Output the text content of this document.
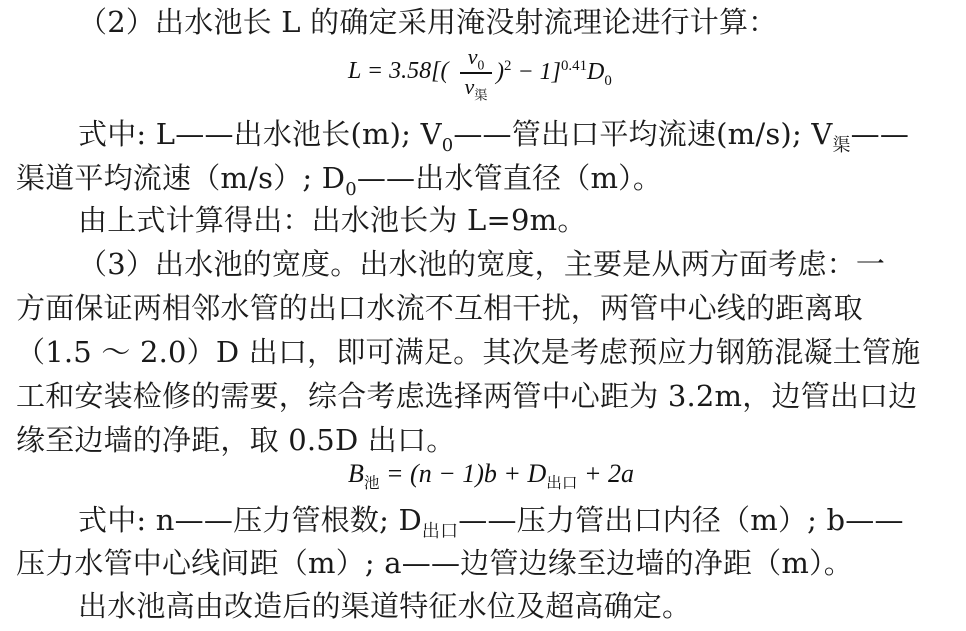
（2）出水池长 L 的确定采用淹没射流理论进行计算：
L = 3.58[(
$v_0$
$v_渠$
)$^2 - 1]^{0.41}D_0$
式中: L——出水池长(m); $V_0——$管出口平均流速(m/s); $V_渠——$
渠道平均流速（m/s）; $D_0——$出水管直径（m）。
由上式计算得出：出水池长为 L=9m。
（3）出水池的宽度。出水池的宽度，主要是从两方面考虑：一
方面保证两相邻水管的出口水流不互相干扰，两管中心线的距离取
（1.5 ～ 2.0）D 出口，即可满足。其次是考虑预应力钢筋混凝土管施
工和安装检修的需要，综合考虑选择两管中心距为 3.2m，边管出口边
缘至边墙的净距，取 0.5D 出口。
$B_池 = (n - 1)b + D_{出口} + 2a$
式中: n——压力管根数; $D_{出口}——$压力管出口内径（m）; b——
压力水管中心线间距（m）; a——边管边缘至边墙的净距（m）。
出水池高由改造后的渠道特征水位及超高确定。
